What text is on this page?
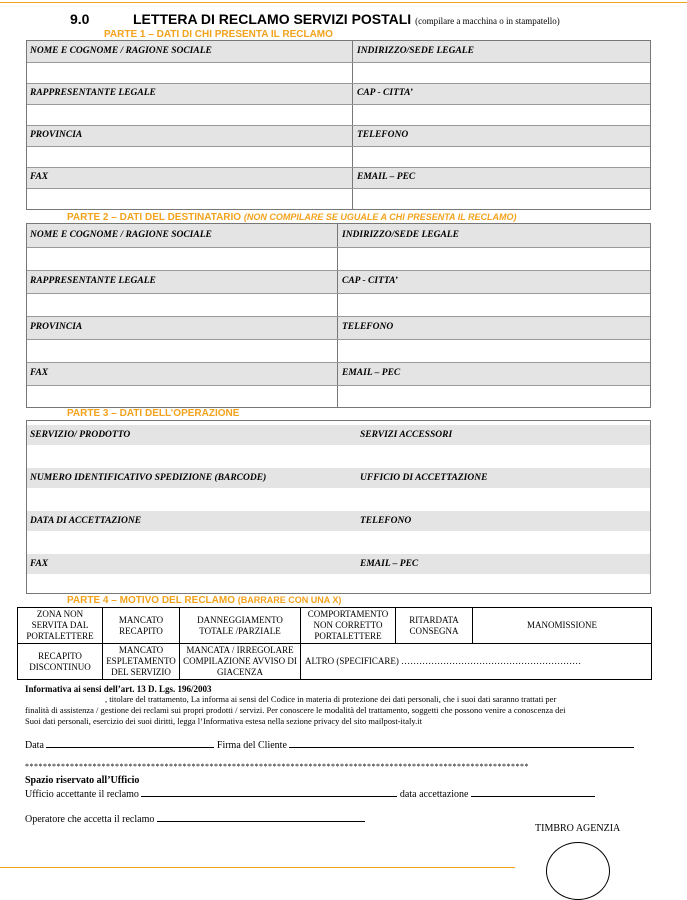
9.0	LETTERA DI RECLAMO SERVIZI POSTALI (compilare a macchina o in stampatello)
PARTE 1 – DATI DI CHI PRESENTA IL RECLAMO
NOME E COGNOME / RAGIONE SOCIALE	INDIRIZZO/SEDE LEGALE
RAPPRESENTANTE LEGALE	CAP - CITTA’
PROVINCIA	TELEFONO
FAX	EMAIL – PEC
PARTE 2 – DATI DEL DESTINATARIO (NON COMPILARE SE UGUALE A CHI PRESENTA IL RECLAMO)
NOME E COGNOME / RAGIONE SOCIALE	INDIRIZZO/SEDE LEGALE
RAPPRESENTANTE LEGALE	CAP - CITTA’
PROVINCIA	TELEFONO
FAX	EMAIL – PEC
PARTE 3 – DATI DELL’OPERAZIONE
SERVIZIO/ PRODOTTO	SERVIZI ACCESSORI
NUMERO IDENTIFICATIVO SPEDIZIONE (BARCODE)	UFFICIO DI ACCETTAZIONE
DATA DI ACCETTAZIONE	TELEFONO
FAX	EMAIL – PEC
PARTE 4 – MOTIVO DEL RECLAMO (BARRARE CON UNA X)
ZONA NON SERVITA DAL PORTALETTERE	MANCATO RECAPITO	DANNEGGIAMENTO TOTALE /PARZIALE	COMPORTAMENTO NON CORRETTO PORTALETTERE	RITARDATA CONSEGNA	MANOMISSIONE
RECAPITO DISCONTINUO	MANCATO ESPLETAMENTO DEL SERVIZIO	MANCATA / IRREGOLARE COMPILAZIONE AVVISO DI GIACENZA	ALTRO (SPECIFICARE) ……………………………………………………		
Informativa ai sensi dell’art. 13 D. Lgs. 196/2003
, titolare del trattamento, La informa ai sensi del Codice in materia di protezione dei dati personali, che i suoi dati saranno trattati per
finalità di assistenza / gestione dei reclami sui propri prodotti / servizi. Per conoscere le modalità del trattamento, soggetti che possono venire a conoscenza dei
Suoi dati personali, esercizio dei suoi diritti, legga l’Informativa estesa nella sezione privacy del sito mailpost-italy.it
Data	Firma del Cliente
****************************************************************************************************************
Spazio riservato all’Ufficio
Ufficio accettante il reclamo	data accettazione
Operatore che accetta il reclamo
TIMBRO AGENZIA
